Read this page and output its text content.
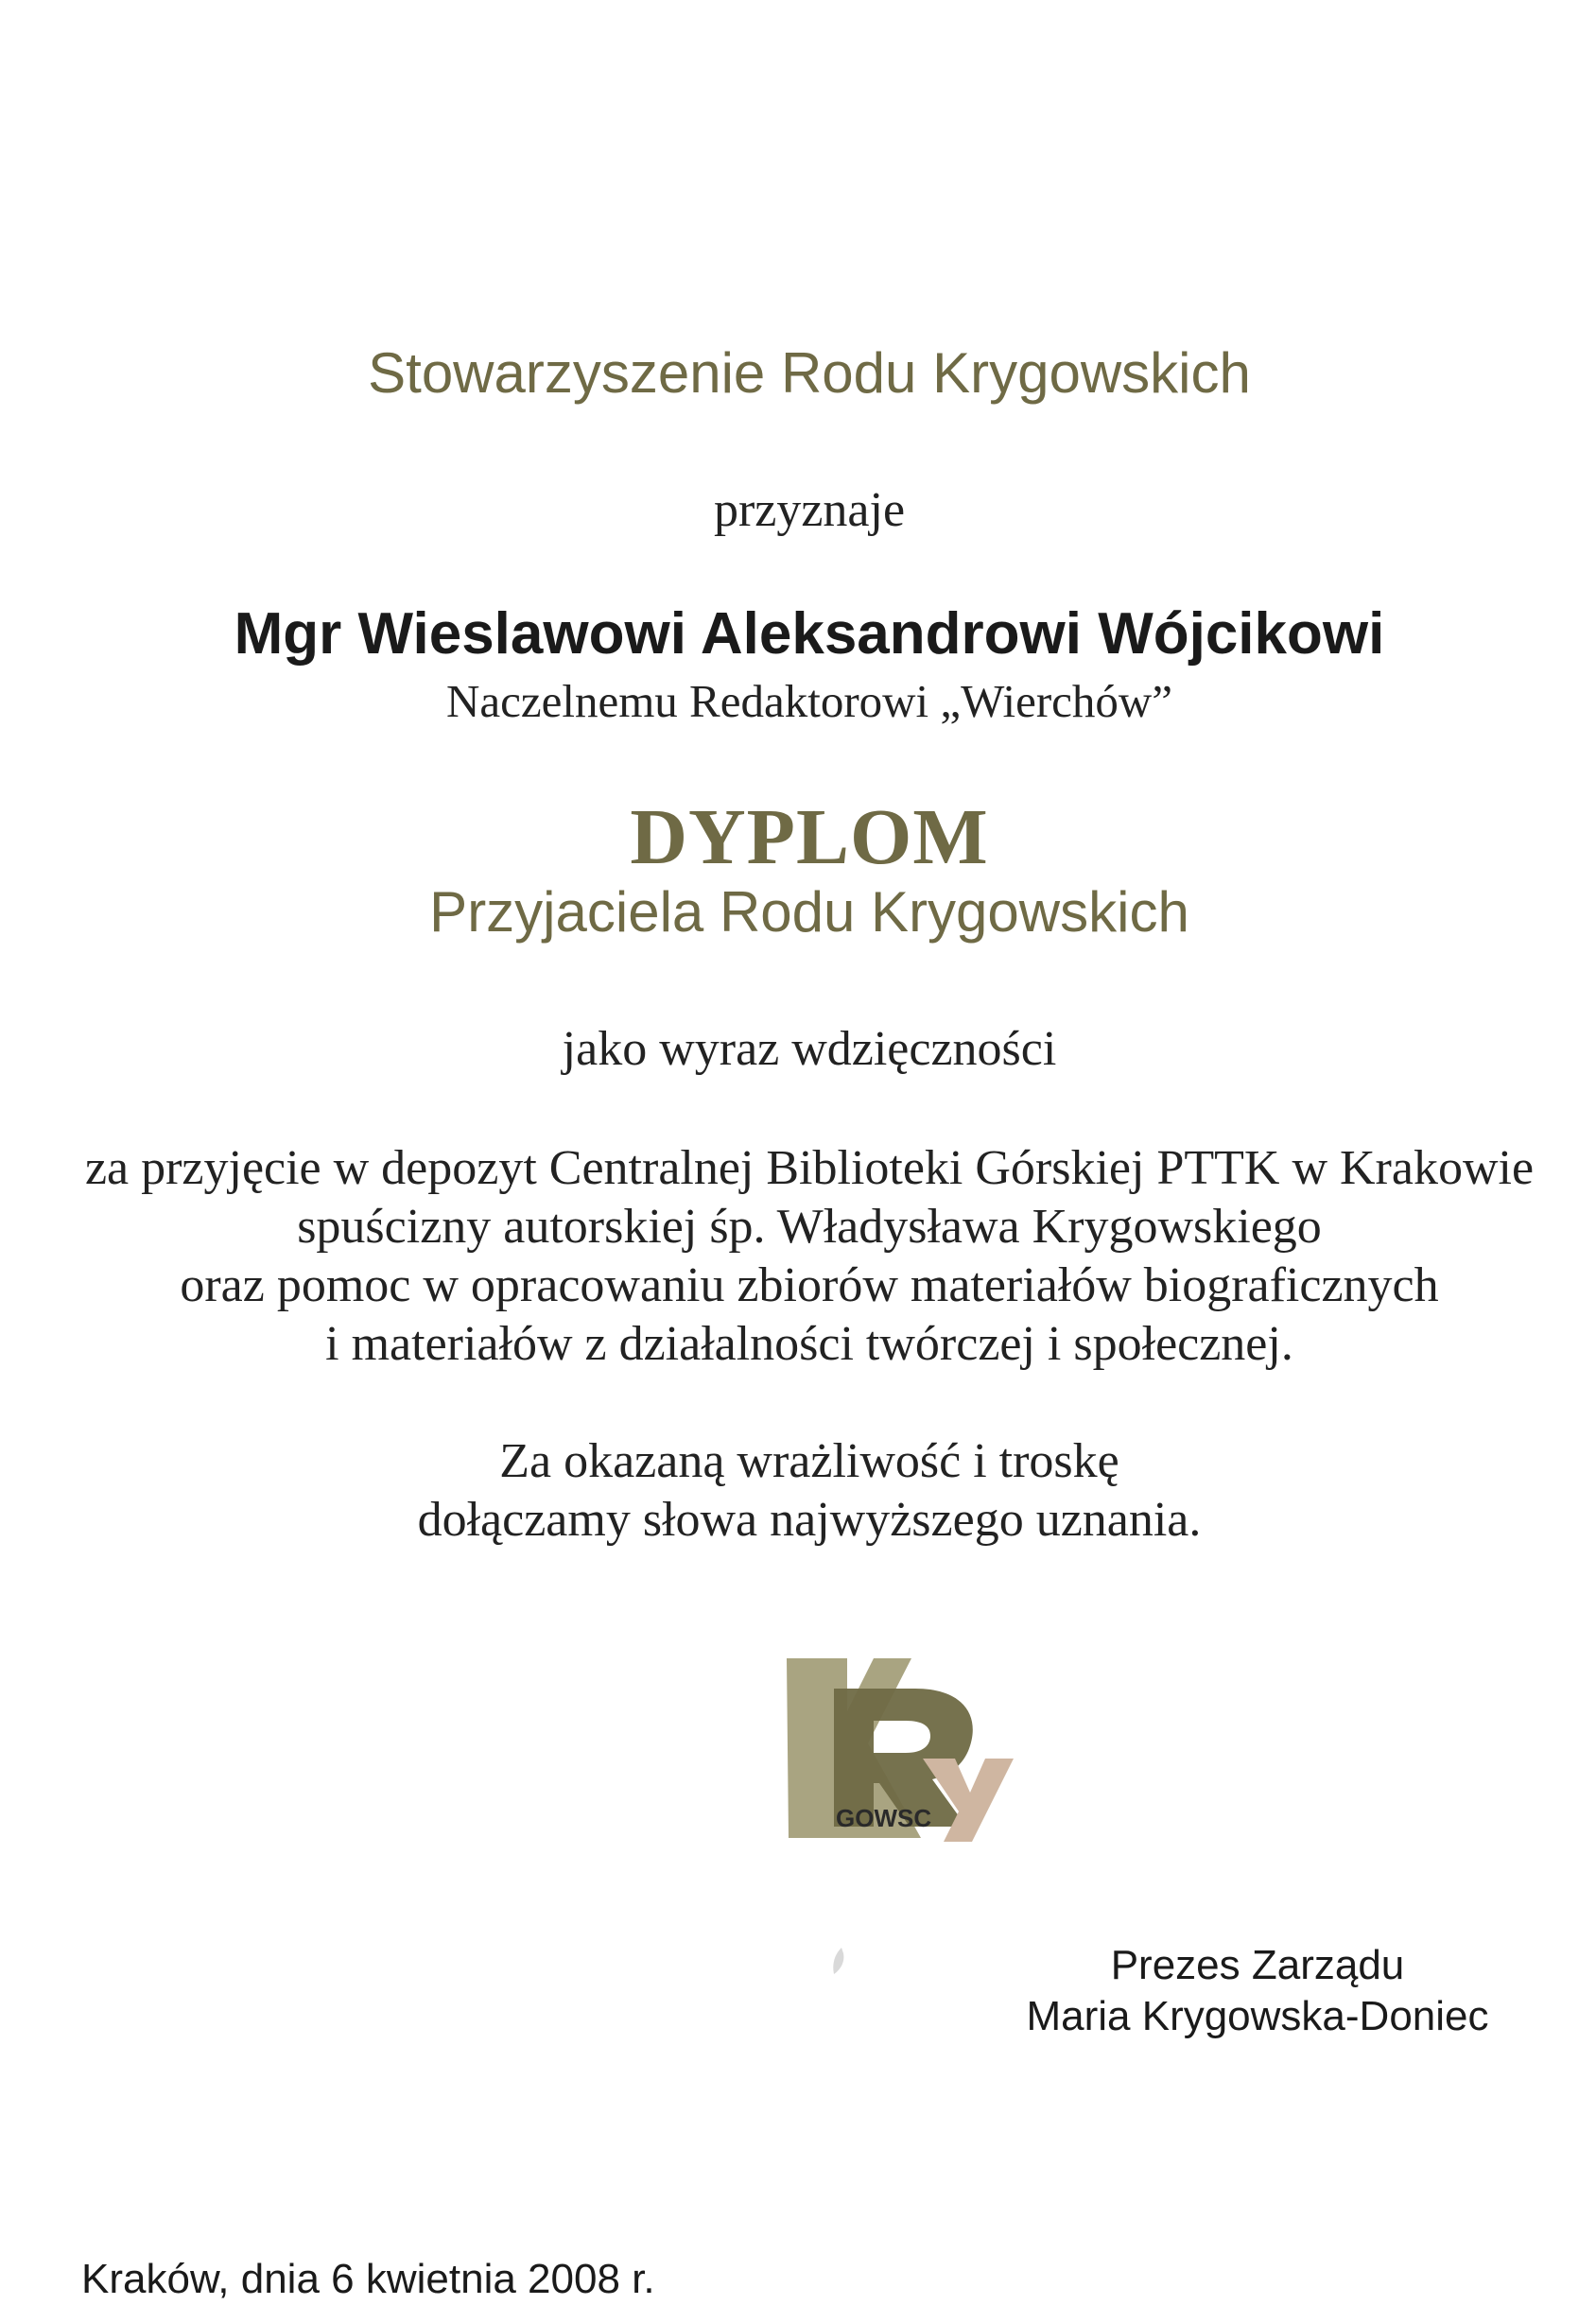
Stowarzyszenie Rodu Krygowskich
przyznaje
Mgr Wieslawowi Aleksandrowi Wójcikowi
Naczelnemu Redaktorowi „Wierchów”
DYPLOM
Przyjaciela Rodu Krygowskich
jako wyraz wdzięczności
za przyjęcie w depozyt Centralnej Biblioteki Górskiej PTTK w Krakowie
spuścizny autorskiej śp. Władysława Krygowskiego
oraz pomoc w opracowaniu zbiorów materiałów biograficznych
i materiałów z działalności twórczej i społecznej.
Za okazaną wrażliwość i troskę
dołączamy słowa najwyższego uznania.
GOWSC
Prezes Zarządu
Maria Krygowska-Doniec
Kraków, dnia 6 kwietnia 2008 r.
